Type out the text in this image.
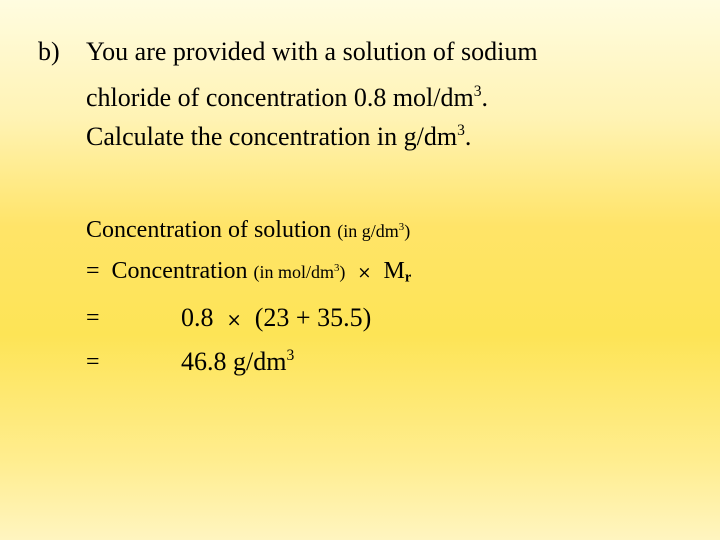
b) You are provided with a solution of sodium
chloride of concentration 0.8 mol/$dm^3$.
Calculate the concentration in $g/dm^3$.
Concentration of solution (in $g/dm^3$)
= Concentration (in mol/$dm^3) \times M_r$
=	0.8 × (23 + 35.5)
=	46.8 $g/dm^3$
